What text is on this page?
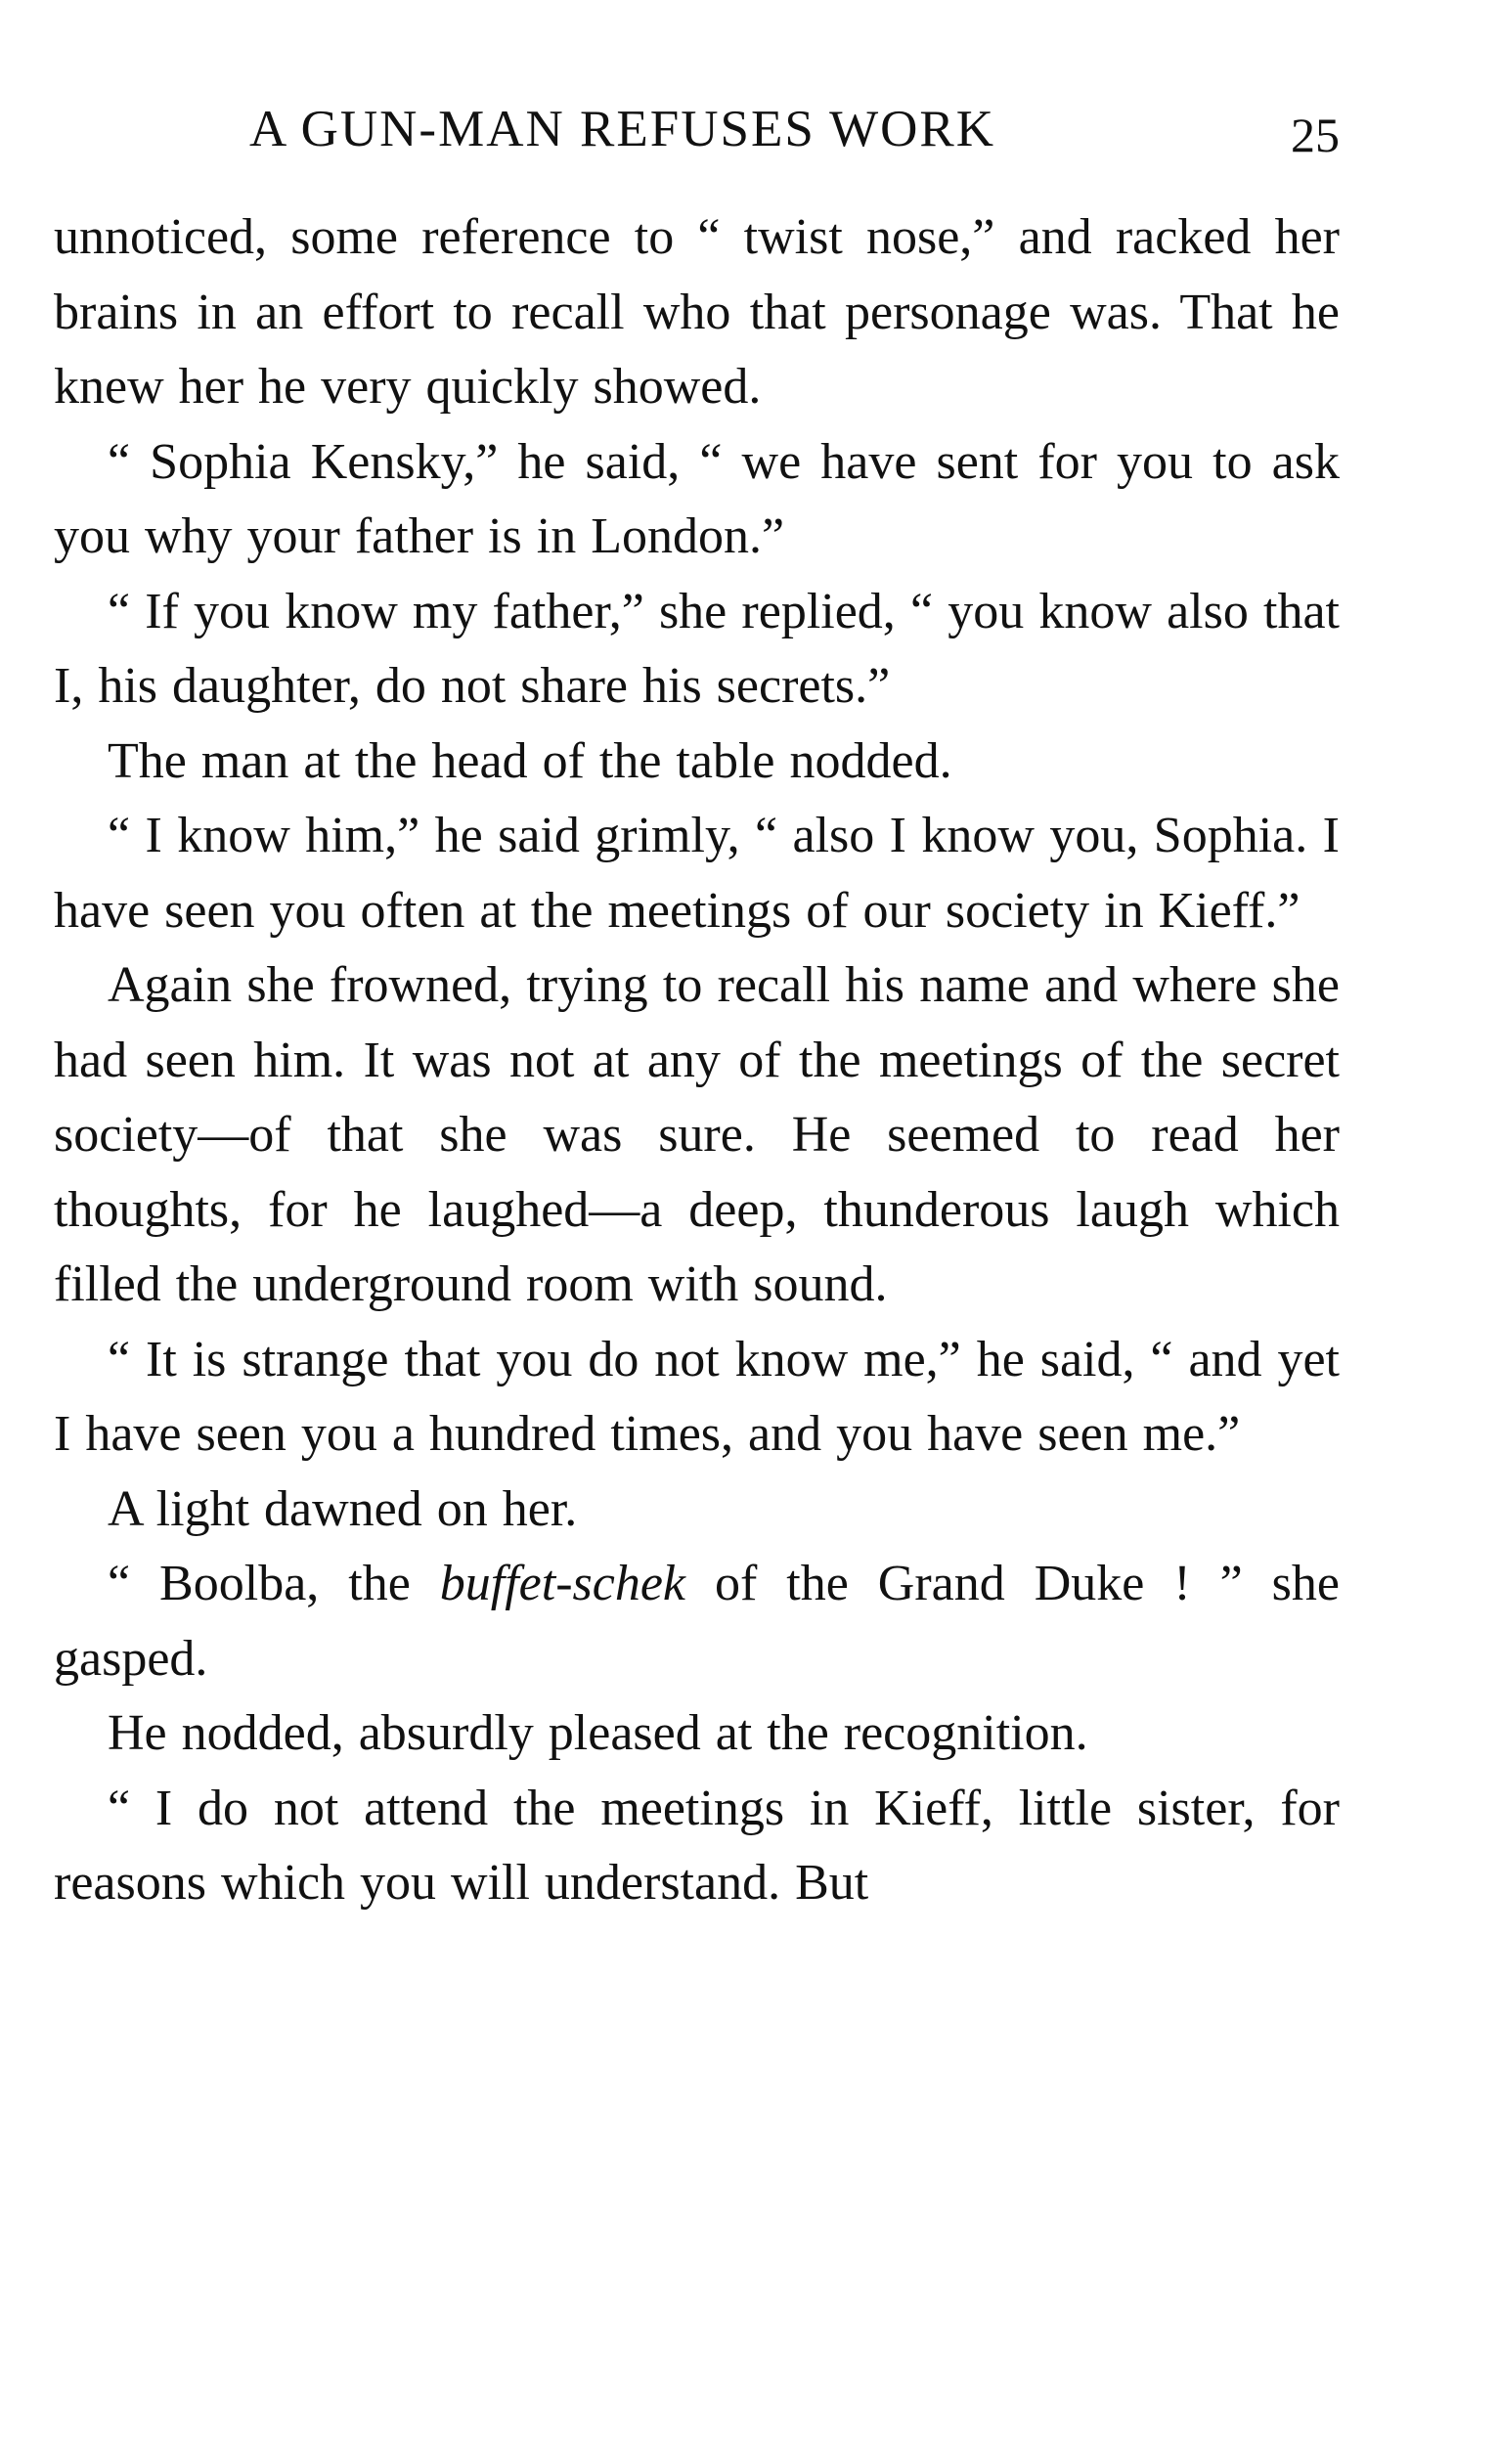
A GUN-MAN REFUSES WORK	25

unnoticed, some reference to “ twist nose,” and racked her brains in an effort to recall who that personage was. That he knew her he very quickly showed.

“ Sophia Kensky,” he said, “ we have sent for you to ask you why your father is in London.”

“ If you know my father,” she replied, “ you know also that I, his daughter, do not share his secrets.”

The man at the head of the table nodded.

“ I know him,” he said grimly, “ also I know you, Sophia. I have seen you often at the meetings of our society in Kieff.”

Again she frowned, trying to recall his name and where she had seen him. It was not at any of the meetings of the secret society—of that she was sure. He seemed to read her thoughts, for he laughed—a deep, thunderous laugh which filled the underground room with sound.

“ It is strange that you do not know me,” he said, “ and yet I have seen you a hundred times, and you have seen me.”

A light dawned on her.

“ Boolba, the buffet-schek of the Grand Duke ! ” she gasped.

He nodded, absurdly pleased at the recognition.

“ I do not attend the meetings in Kieff, little sister, for reasons which you will understand. But
